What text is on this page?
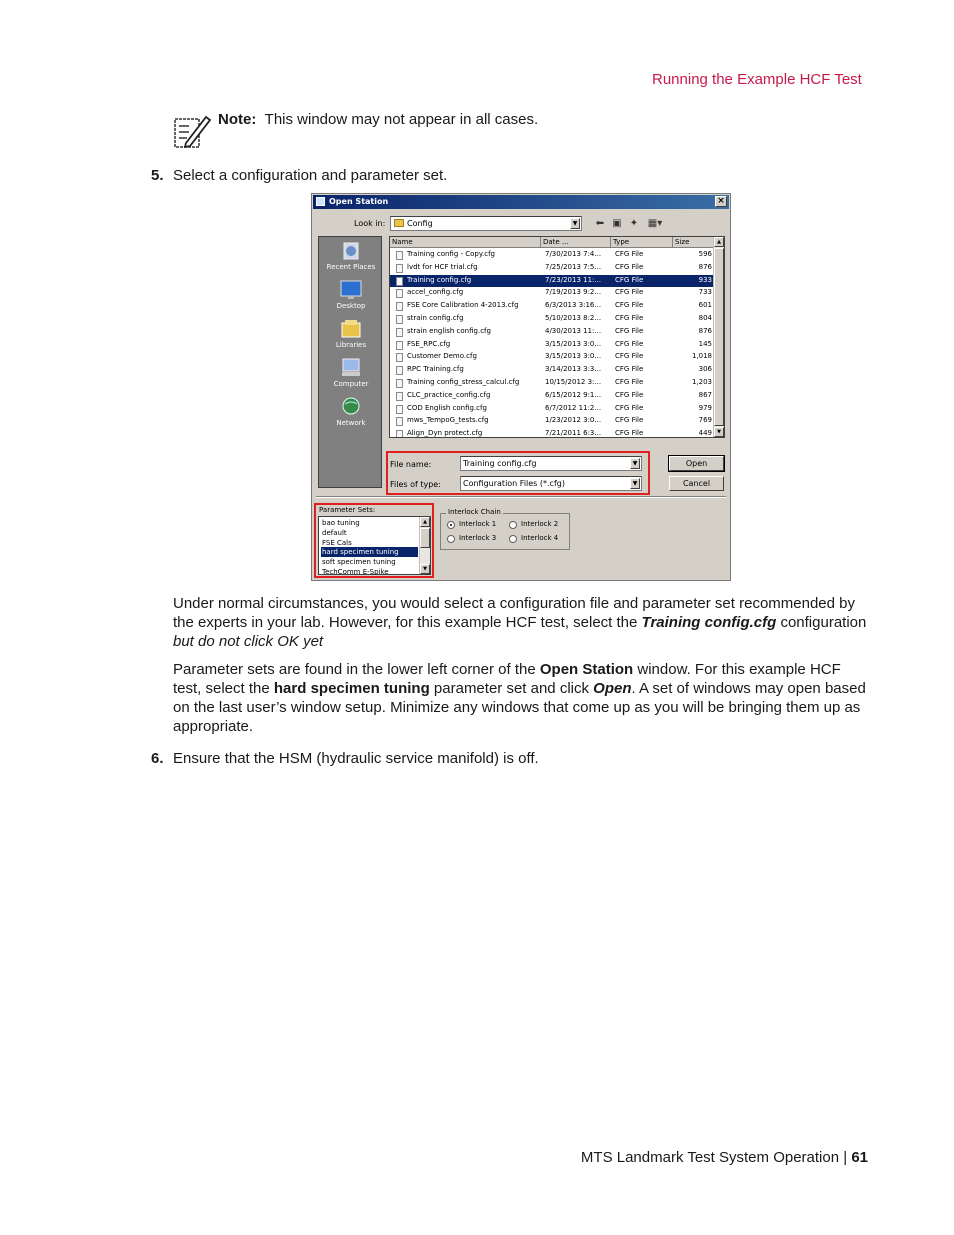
Running the Example HCF Test
Note: This window may not appear in all cases.
5. Select a configuration and parameter set.
Open Station	×
Look in:	Config	▼ ⬅ ▣ ✦ ▦▾
Recent Places
Desktop
Libraries
Computer
Network
Name	Date ...	Type	Size
Training config - Copy.cfg	7/30/2013 7:4... CFG File	596
lvdt for HCF trial.cfg	7/25/2013 7:5... CFG File	876
Training config.cfg	7/23/2013 11:... CFG File	933
accel_config.cfg	7/19/2013 9:2... CFG File	733
FSE Core Calibration 4-2013.cfg	6/3/2013 3:16... CFG File	601
strain config.cfg	5/10/2013 8:2... CFG File	804
strain english config.cfg	4/30/2013 11:... CFG File	876
FSE_RPC.cfg	3/15/2013 3:0... CFG File	145
Customer Demo.cfg	3/15/2013 3:0... CFG File	1,018
RPC Training.cfg	3/14/2013 3:3... CFG File	306
Training config_stress_calcul.cfg	10/15/2012 3:... CFG File	1,203
CLC_practice_config.cfg	6/15/2012 9:1... CFG File	867
COD English config.cfg	6/7/2012 11:2... CFG File	979
mws_TempoG_tests.cfg	1/23/2012 3:0... CFG File	769
Align_Dyn protect.cfg	7/21/2011 6:3... CFG File	449
▲
▼
File name:	Training config.cfg	▼
Files of type:	Configuration Files (*.cfg)	▼
Open
Cancel
Parameter Sets:
bao tuning
default
FSE Cals
hard specimen tuning
soft specimen tuning
TechComm E-Spike
▲
▼
Interlock Chain
Interlock 1	Interlock 2
Interlock 3	Interlock 4
Under normal circumstances, you would select a configuration file and parameter set recommended by the experts in your lab. However, for this example HCF test, select the Training config.cfg configuration but do not click OK yet
Parameter sets are found in the lower left corner of the Open Station window. For this example HCF test, select the hard specimen tuning parameter set and click Open. A set of windows may open based on the last user’s window setup. Minimize any windows that come up as you will be bringing them up as appropriate.
6. Ensure that the HSM (hydraulic service manifold) is off.
MTS Landmark Test System Operation | 61
